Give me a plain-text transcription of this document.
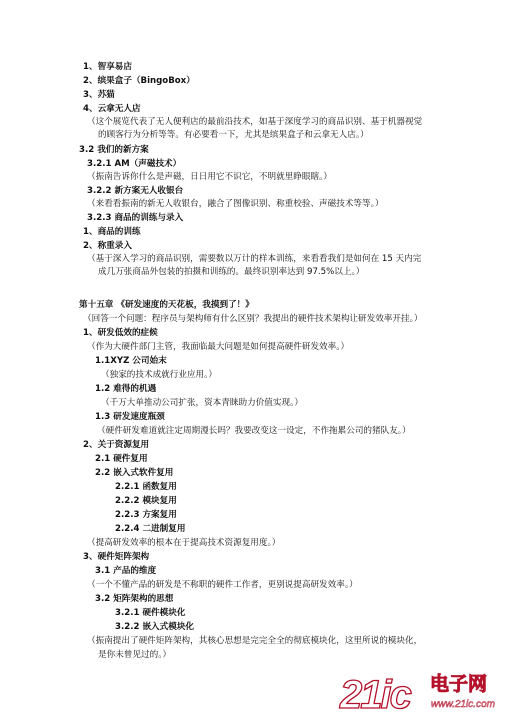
1、智享易店
2、缤果盒子（BingoBox）
3、苏猫
4、云拿无人店
（这个展览代表了无人便利店的最前沿技术，如基于深度学习的商品识别、基于机器视觉
的顾客行为分析等等。有必要看一下，尤其是缤果盒子和云拿无人店。）
3.2 我们的新方案
3.2.1 AM（声磁技术）
（振南告诉你什么是声磁，日日用它不识它，不明就里睁眼瞎。）
3.2.2 新方案无人收银台
（来看看振南的新无人收银台，融合了图像识别、称重校验、声磁技术等等。）
3.2.3 商品的训练与录入
1、商品的训练
2、称重录入
（基于深入学习的商品识别，需要数以万计的样本训练，来看看我们是如何在 15 天内完
成几万张商品外包装的拍摄和训练的。最终识别率达到 97.5%以上。）
第十五章 《研发速度的天花板，我摸到了！》
（回答一个问题：程序员与架构师有什么区别？我提出的硬件技术架构让研发效率开挂。）
1、研发低效的症候
（作为大硬件部门主管，我面临最大问题是如何提高硬件研发效率。）
1.1XYZ 公司始末
（独家的技术成就行业应用。）
1.2 难得的机遇
（千万大单推动公司扩张，资本青睐助力价值实现。）
1.3 研发速度瓶颈
（硬件研发难道就注定周期漫长吗？我要改变这一设定，不作拖累公司的猪队友。）
2、关于资源复用
2.1 硬件复用
2.2 嵌入式软件复用
2.2.1 函数复用
2.2.2 模块复用
2.2.3 方案复用
2.2.4 二进制复用
（提高研发效率的根本在于提高技术资源复用度。）
3、硬件矩阵架构
3.1 产品的维度
（一个不懂产品的研发是不称职的硬件工作者，更别说提高研发效率。）
3.2 矩阵架构的思想
3.2.1 硬件模块化
3.2.2 嵌入式模块化
（振南提出了硬件矩阵架构，其核心思想是完完全全的彻底模块化，这里所说的模块化，
是你未曾见过的。）
21ic 电子网
www.21ic.com
